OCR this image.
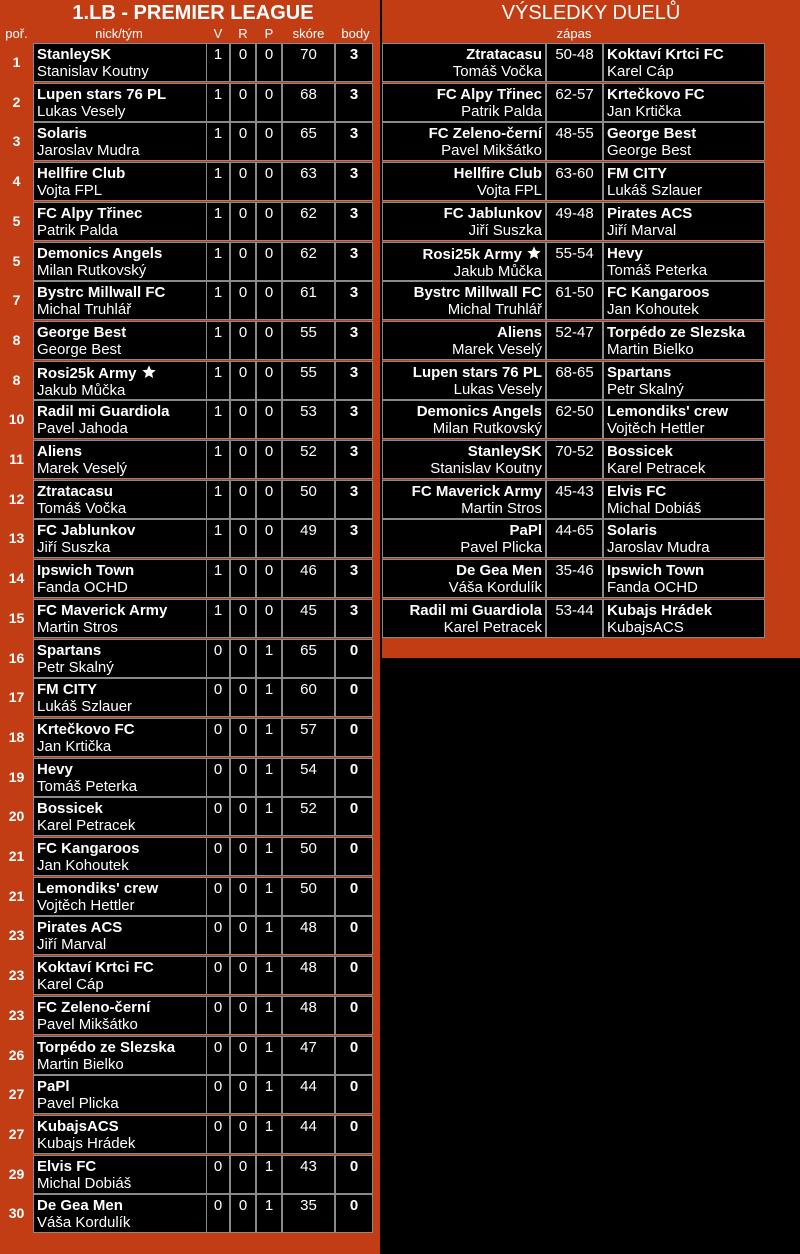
1.LB - PREMIER LEAGUE
poř.	nick/tým	V	R	P	skóre	body
1	StanleySK
Stanislav Koutny
1	0	0	70	3
2	Lupen stars 76 PL
Lukas Vesely
1	0	0	68	3
3	Solaris
Jaroslav Mudra
1	0	0	65	3
4	Hellfire Club
Vojta FPL
1	0	0	63	3
5	FC Alpy Třinec
Patrik Palda
1	0	0	62	3
5	Demonics Angels
Milan Rutkovský
1	0	0	62	3
7	Bystrc Millwall FC
Michal Truhlář
1	0	0	61	3
8	George Best
George Best
1	0	0	55	3
8	Rosi25k Army
Jakub Můčka
1	0	0	55	3
10 Radil mi Guardiola
Pavel Jahoda
1	0	0	53	3
11 Aliens
Marek Veselý
1	0	0	52	3
12 Ztratacasu
Tomáš Vočka
1	0	0	50	3
13 FC Jablunkov
Jiří Suszka
1	0	0	49	3
14 Ipswich Town
Fanda OCHD
1	0	0	46	3
15 FC Maverick Army
Martin Stros
1	0	0	45	3
16 Spartans
Petr Skalný
0	0	1	65	0
17 FM CITY
Lukáš Szlauer
0	0	1	60	0
18 Krtečkovo FC
Jan Krtička
0	0	1	57	0
19 Hevy
Tomáš Peterka
0	0	1	54	0
20 Bossicek
Karel Petracek
0	0	1	52	0
21 FC Kangaroos
Jan Kohoutek
0	0	1	50	0
21 Lemondiks' crew
Vojtěch Hettler
0	0	1	50	0
23 Pirates ACS
Jiří Marval
0	0	1	48	0
23 Koktaví Krtci FC
Karel Cáp
0	0	1	48	0
23 FC Zeleno-černí
Pavel Mikšátko
0	0	1	48	0
26 Torpédo ze Slezska
Martin Bielko
0	0	1	47	0
27 PaPl
Pavel Plicka
0	0	1	44	0
27 KubajsACS
Kubajs Hrádek
0	0	1	44	0
29 Elvis FC
Michal Dobiáš
0	0	1	43	0
30 De Gea Men
Váša Kordulík
0	0	1	35	0
VÝSLEDKY DUELŮ
zápas
Ztratacasu
Tomáš Vočka
50-48 Koktaví Krtci FC
Karel Cáp
FC Alpy Třinec
Patrik Palda
62-57 Krtečkovo FC
Jan Krtička
FC Zeleno-černí
Pavel Mikšátko
48-55 George Best
George Best
Hellfire Club
Vojta FPL
63-60 FM CITY
Lukáš Szlauer
FC Jablunkov
Jiří Suszka
49-48 Pirates ACS
Jiří Marval
Rosi25k Army
Jakub Můčka
55-54 Hevy
Tomáš Peterka
Bystrc Millwall FC
Michal Truhlář
61-50 FC Kangaroos
Jan Kohoutek
Aliens
Marek Veselý
52-47 Torpédo ze Slezska
Martin Bielko
Lupen stars 76 PL
Lukas Vesely
68-65 Spartans
Petr Skalný
Demonics Angels
Milan Rutkovský
62-50 Lemondiks' crew
Vojtěch Hettler
StanleySK
Stanislav Koutny
70-52 Bossicek
Karel Petracek
FC Maverick Army
Martin Stros
45-43 Elvis FC
Michal Dobiáš
PaPl
Pavel Plicka
44-65 Solaris
Jaroslav Mudra
De Gea Men
Váša Kordulík
35-46 Ipswich Town
Fanda OCHD
Radil mi Guardiola
Karel Petracek
53-44 Kubajs Hrádek
KubajsACS
